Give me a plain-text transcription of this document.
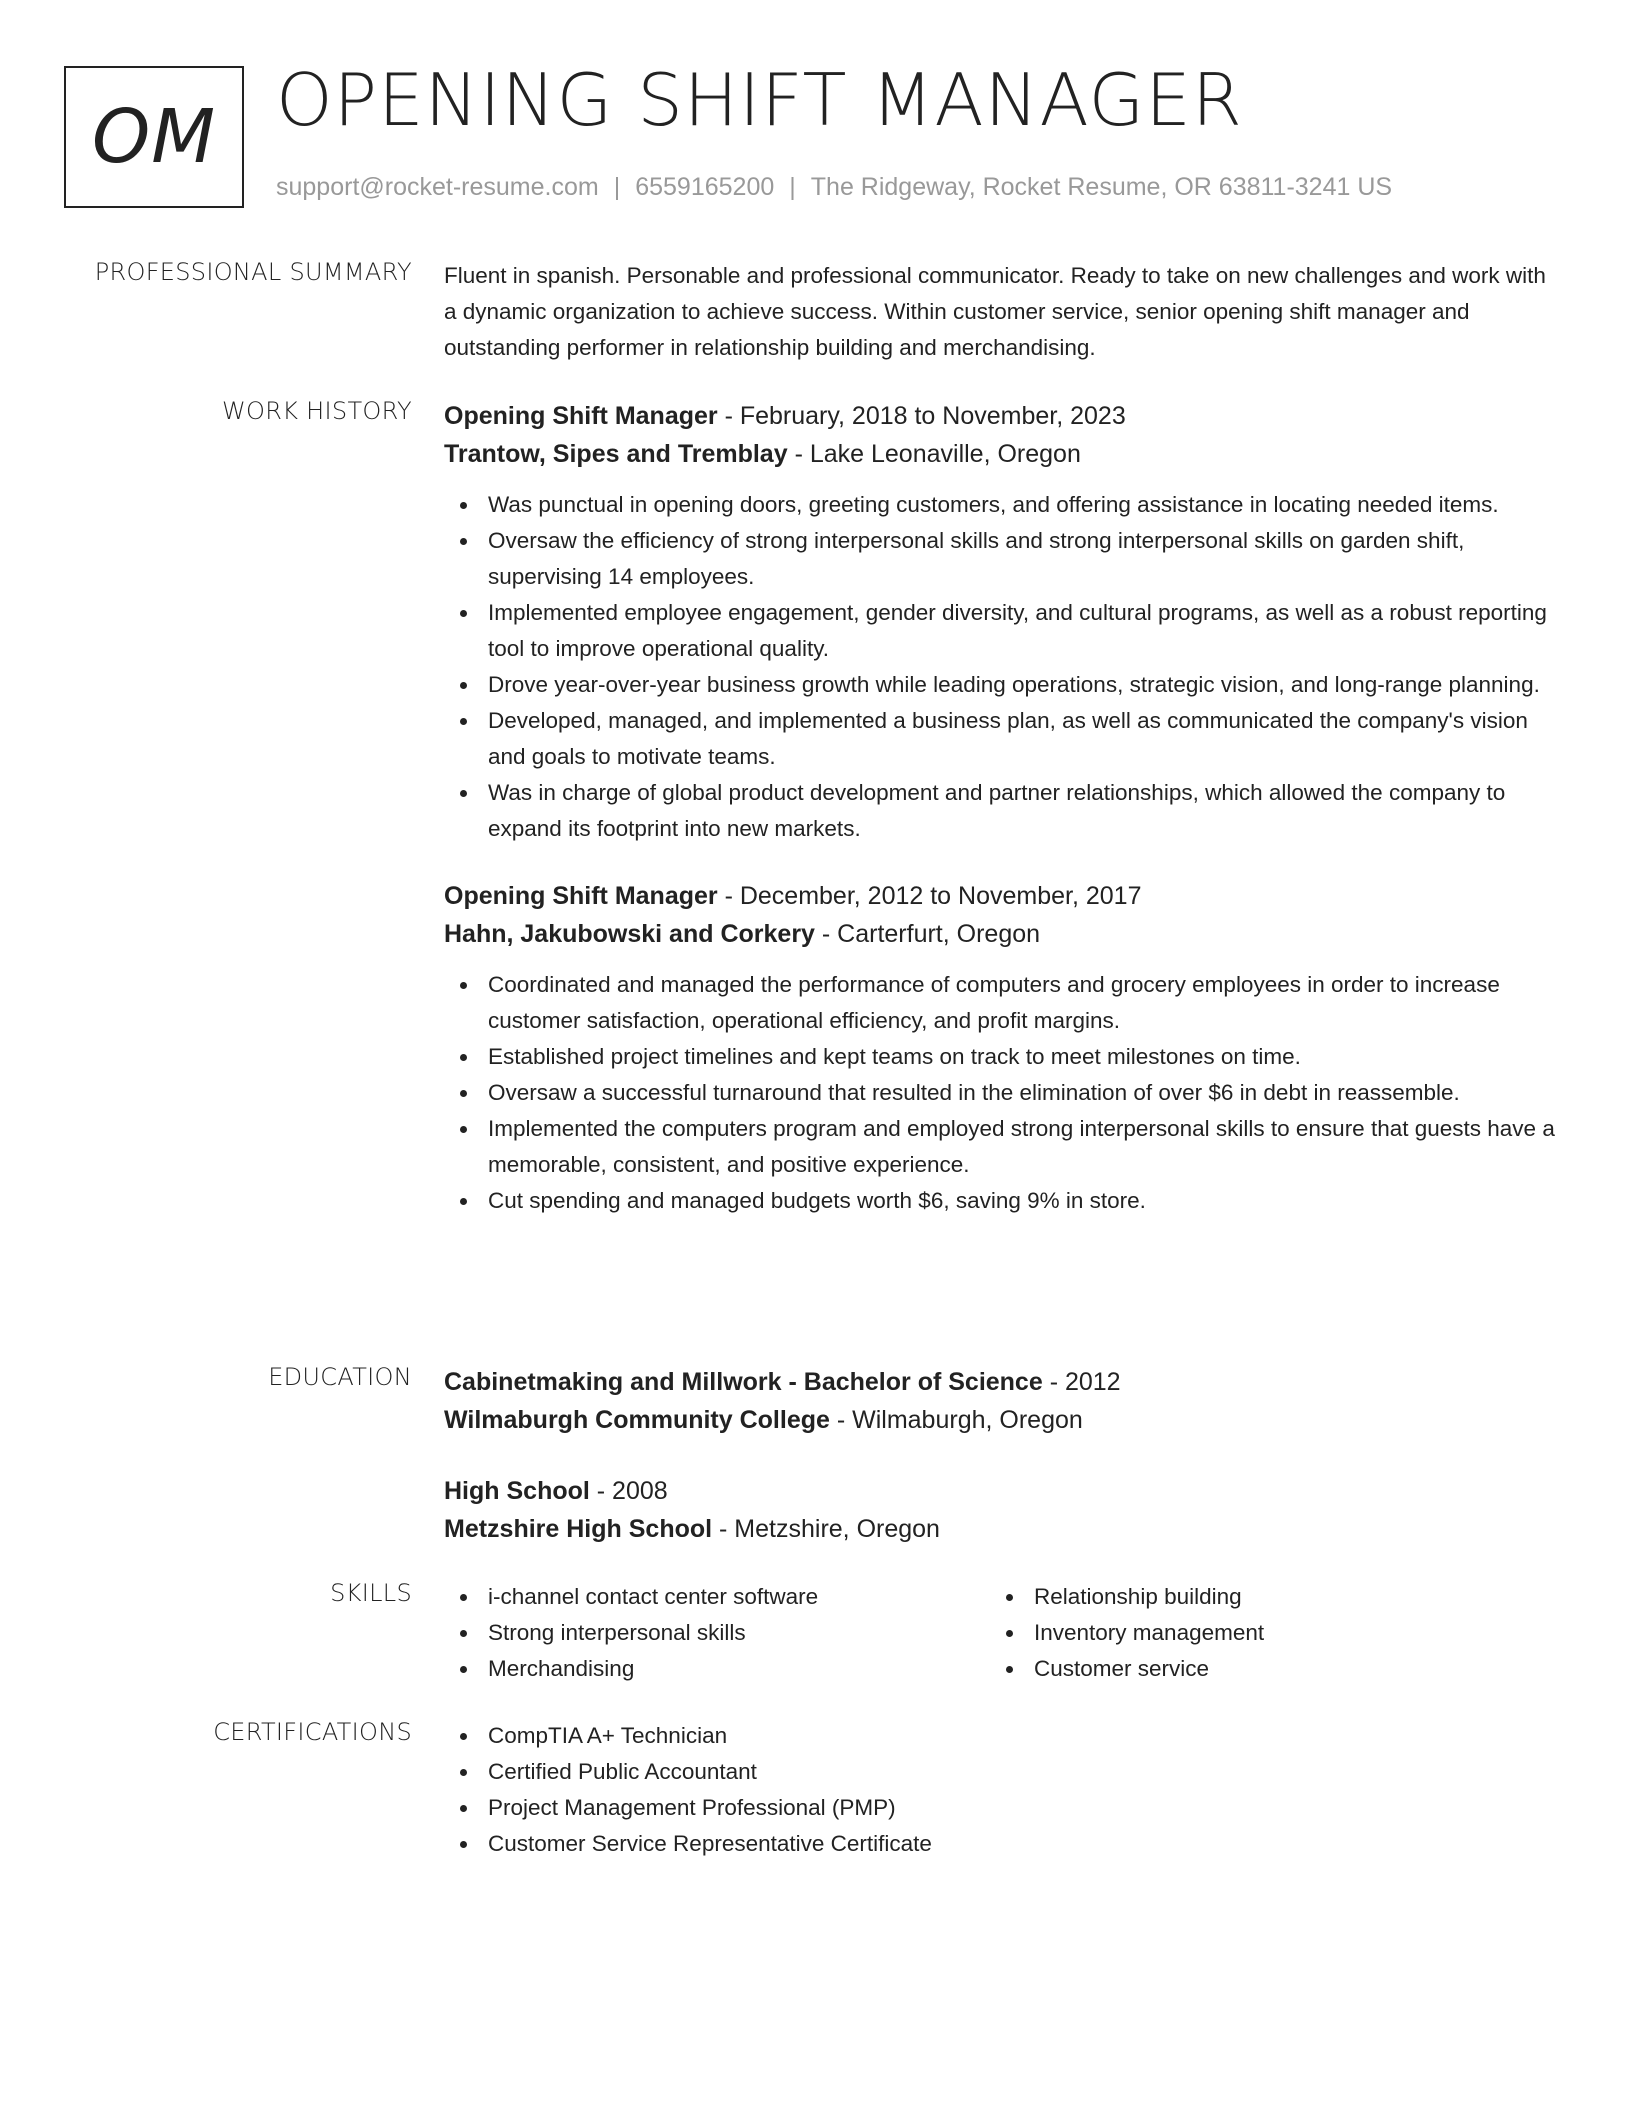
OM OPENING SHIFT MANAGER
support@rocket-resume.com | 6559165200 | The Ridgeway, Rocket Resume, OR 63811-3241 US
PROFESSIONAL SUMMARY Fluent in spanish. Personable and professional communicator. Ready to take on new challenges and work with a dynamic organization to achieve success. Within customer service, senior opening shift manager and outstanding performer in relationship building and merchandising.

WORK HISTORY Opening Shift Manager - February, 2018 to November, 2023
Trantow, Sipes and Tremblay - Lake Leonaville, Oregon
Was punctual in opening doors, greeting customers, and offering assistance in locating needed items.
Oversaw the efficiency of strong interpersonal skills and strong interpersonal skills on garden shift, supervising 14 employees.
Implemented employee engagement, gender diversity, and cultural programs, as well as a robust reporting tool to improve operational quality.
Drove year-over-year business growth while leading operations, strategic vision, and long-range planning.
Developed, managed, and implemented a business plan, as well as communicated the company's vision and goals to motivate teams.
Was in charge of global product development and partner relationships, which allowed the company to expand its footprint into new markets.
Opening Shift Manager - December, 2012 to November, 2017
Hahn, Jakubowski and Corkery - Carterfurt, Oregon
Coordinated and managed the performance of computers and grocery employees in order to increase customer satisfaction, operational efficiency, and profit margins.
Established project timelines and kept teams on track to meet milestones on time.
Oversaw a successful turnaround that resulted in the elimination of over $6 in debt in reassemble.
Implemented the computers program and employed strong interpersonal skills to ensure that guests have a memorable, consistent, and positive experience.
Cut spending and managed budgets worth $6, saving 9% in store.
EDUCATION Cabinetmaking and Millwork - Bachelor of Science - 2012
Wilmaburgh Community College - Wilmaburgh, Oregon
High School - 2008
Metzshire High School - Metzshire, Oregon
SKILLS	i-channel contact center software
Strong interpersonal skills
Merchandising
Relationship building
Inventory management
Customer service
CERTIFICATIONS	CompTIA A+ Technician
Certified Public Accountant
Project Management Professional (PMP)
Customer Service Representative Certificate
